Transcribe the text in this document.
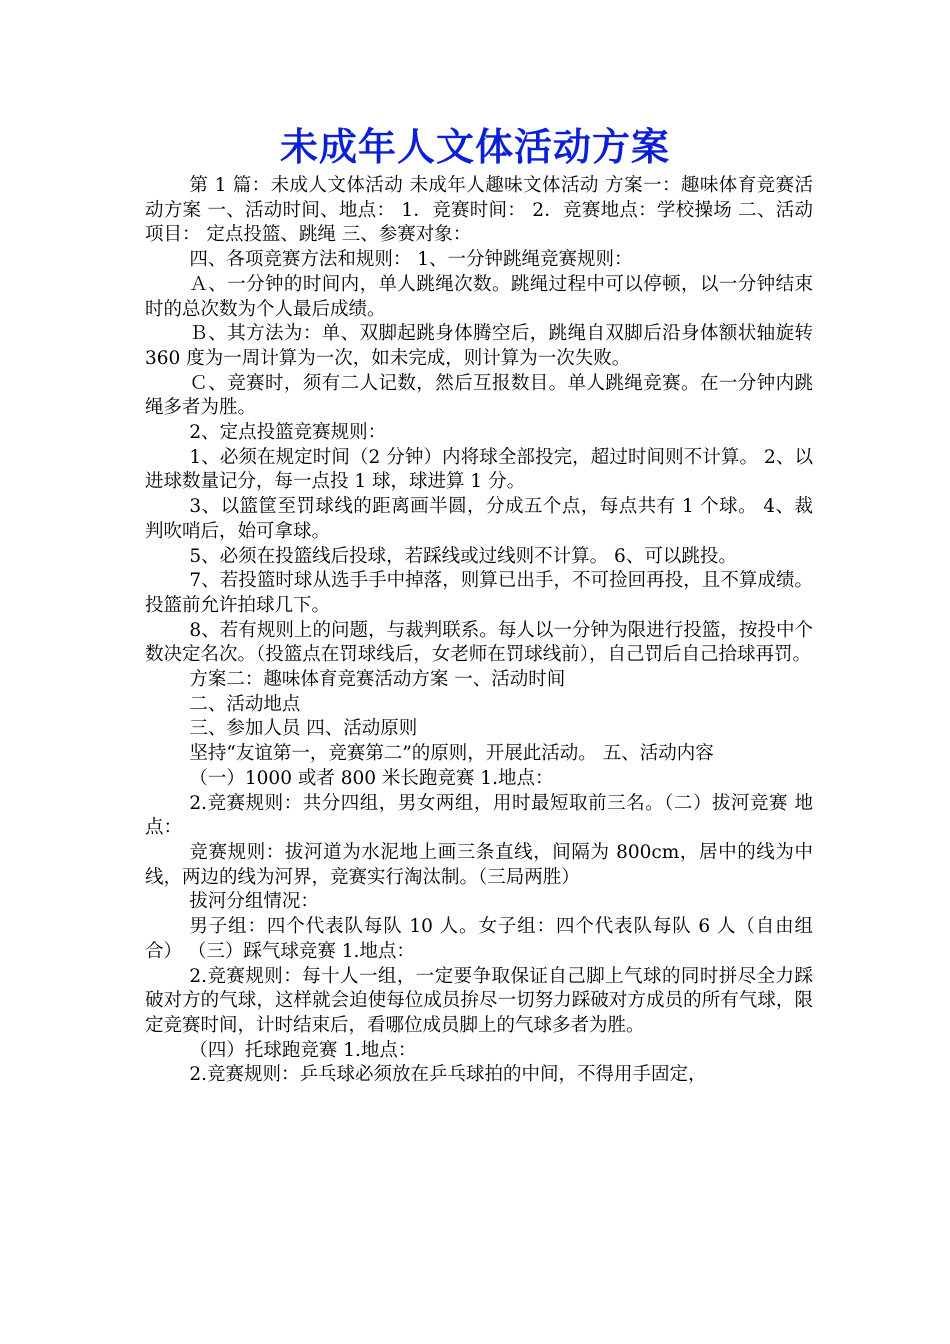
未成年人文体活动方案

第 1 篇：未成人文体活动 未成年人趣味文体活动 方案一：趣味体育竞赛活动方案 一、活动时间、地点： 1．竞赛时间： 2．竞赛地点：学校操场 二、活动项目： 定点投篮、跳绳 三、参赛对象：

四、各项竞赛方法和规则： 1、一分钟跳绳竞赛规则：

Ａ、一分钟的时间内，单人跳绳次数。跳绳过程中可以停顿，以一分钟结束时的总次数为个人最后成绩。

Ｂ、其方法为：单、双脚起跳身体腾空后，跳绳自双脚后沿身体额状轴旋转 360 度为一周计算为一次，如未完成，则计算为一次失败。

Ｃ、竞赛时，须有二人记数，然后互报数目。单人跳绳竞赛。在一分钟内跳绳多者为胜。

2、定点投篮竞赛规则：

1、必须在规定时间（2 分钟）内将球全部投完，超过时间则不计算。 2、以进球数量记分，每一点投 1 球，球进算 1 分。

3、以篮筐至罚球线的距离画半圆，分成五个点，每点共有 1 个球。 4、裁判吹哨后，始可拿球。

5、必须在投篮线后投球，若踩线或过线则不计算。 6、可以跳投。

7、若投篮时球从选手手中掉落，则算已出手，不可捡回再投，且不算成绩。投篮前允许拍球几下。

8、若有规则上的问题，与裁判联系。每人以一分钟为限进行投篮，按投中个数决定名次。（投篮点在罚球线后，女老师在罚球线前），自己罚后自己拾球再罚。

方案二：趣味体育竞赛活动方案 一、活动时间

二、活动地点

三、参加人员 四、活动原则

坚持“友谊第一，竞赛第二”的原则，开展此活动。 五、活动内容

（一）1000 或者 800 米长跑竞赛 1.地点：

2.竞赛规则：共分四组，男女两组，用时最短取前三名。（二）拔河竞赛 地点：

竞赛规则：拔河道为水泥地上画三条直线，间隔为 800cm，居中的线为中线，两边的线为河界，竞赛实行淘汰制。（三局两胜）

拔河分组情况：

男子组：四个代表队每队 10 人。女子组：四个代表队每队 6 人（自由组合） （三）踩气球竞赛 1.地点：

2.竞赛规则：每十人一组，一定要争取保证自己脚上气球的同时拼尽全力踩破对方的气球，这样就会迫使每位成员拚尽一切努力踩破对方成员的所有气球，限定竞赛时间，计时结束后，看哪位成员脚上的气球多者为胜。

（四）托球跑竞赛 1.地点：

2.竞赛规则：乒乓球必须放在乒乓球拍的中间，不得用手固定，
